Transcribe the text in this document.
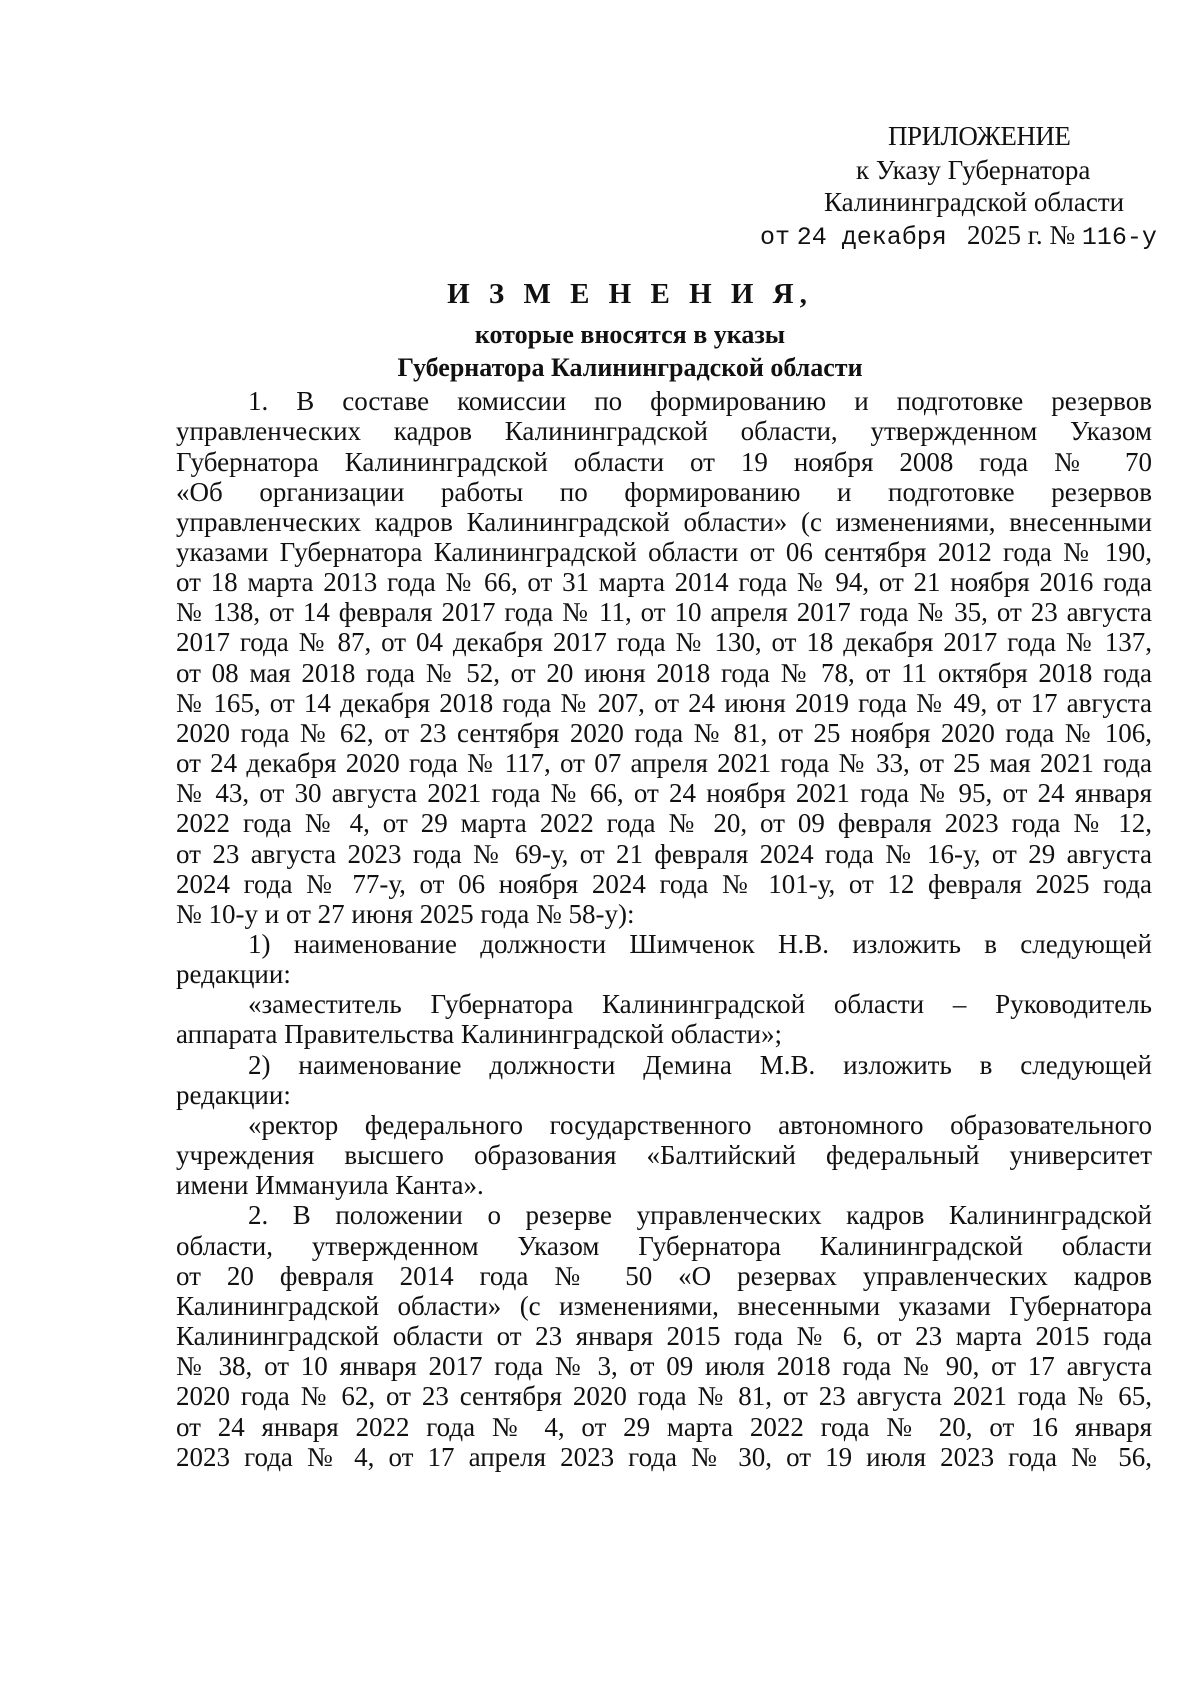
ПРИЛОЖЕНИЕ
к Указу Губернатора
Калининградской области
от 24 декабря 2025 г. № 116-у
И З М Е Н Е Н И Я,
которые вносятся в указы
Губернатора Калининградской области
1. В составе комиссии по формированию и подготовке резервов
управленческих кадров Калининградской области, утвержденном Указом
Губернатора Калининградской области от 19 ноября 2008 года № 70
«Об организации работы по формированию и подготовке резервов
управленческих кадров Калининградской области» (с изменениями, внесенными
указами Губернатора Калининградской области от 06 сентября 2012 года № 190,
от 18 марта 2013 года № 66, от 31 марта 2014 года № 94, от 21 ноября 2016 года
№ 138, от 14 февраля 2017 года № 11, от 10 апреля 2017 года № 35, от 23 августа
2017 года № 87, от 04 декабря 2017 года № 130, от 18 декабря 2017 года № 137,
от 08 мая 2018 года № 52, от 20 июня 2018 года № 78, от 11 октября 2018 года
№ 165, от 14 декабря 2018 года № 207, от 24 июня 2019 года № 49, от 17 августа
2020 года № 62, от 23 сентября 2020 года № 81, от 25 ноября 2020 года № 106,
от 24 декабря 2020 года № 117, от 07 апреля 2021 года № 33, от 25 мая 2021 года
№ 43, от 30 августа 2021 года № 66, от 24 ноября 2021 года № 95, от 24 января
2022 года № 4, от 29 марта 2022 года № 20, от 09 февраля 2023 года № 12,
от 23 августа 2023 года № 69-у, от 21 февраля 2024 года № 16-у, от 29 августа
2024 года № 77-у, от 06 ноября 2024 года № 101-у, от 12 февраля 2025 года
№ 10-у и от 27 июня 2025 года № 58-у):
1) наименование должности Шимченок Н.В. изложить в следующей
редакции:
«заместитель Губернатора Калининградской области – Руководитель
аппарата Правительства Калининградской области»;
2) наименование должности Демина М.В. изложить в следующей
редакции:
«ректор федерального государственного автономного образовательного
учреждения высшего образования «Балтийский федеральный университет
имени Иммануила Канта».
2. В положении о резерве управленческих кадров Калининградской
области, утвержденном Указом Губернатора Калининградской области
от 20 февраля 2014 года № 50 «О резервах управленческих кадров
Калининградской области» (с изменениями, внесенными указами Губернатора
Калининградской области от 23 января 2015 года № 6, от 23 марта 2015 года
№ 38, от 10 января 2017 года № 3, от 09 июля 2018 года № 90, от 17 августа
2020 года № 62, от 23 сентября 2020 года № 81, от 23 августа 2021 года № 65,
от 24 января 2022 года № 4, от 29 марта 2022 года № 20, от 16 января
2023 года № 4, от 17 апреля 2023 года № 30, от 19 июля 2023 года № 56,
